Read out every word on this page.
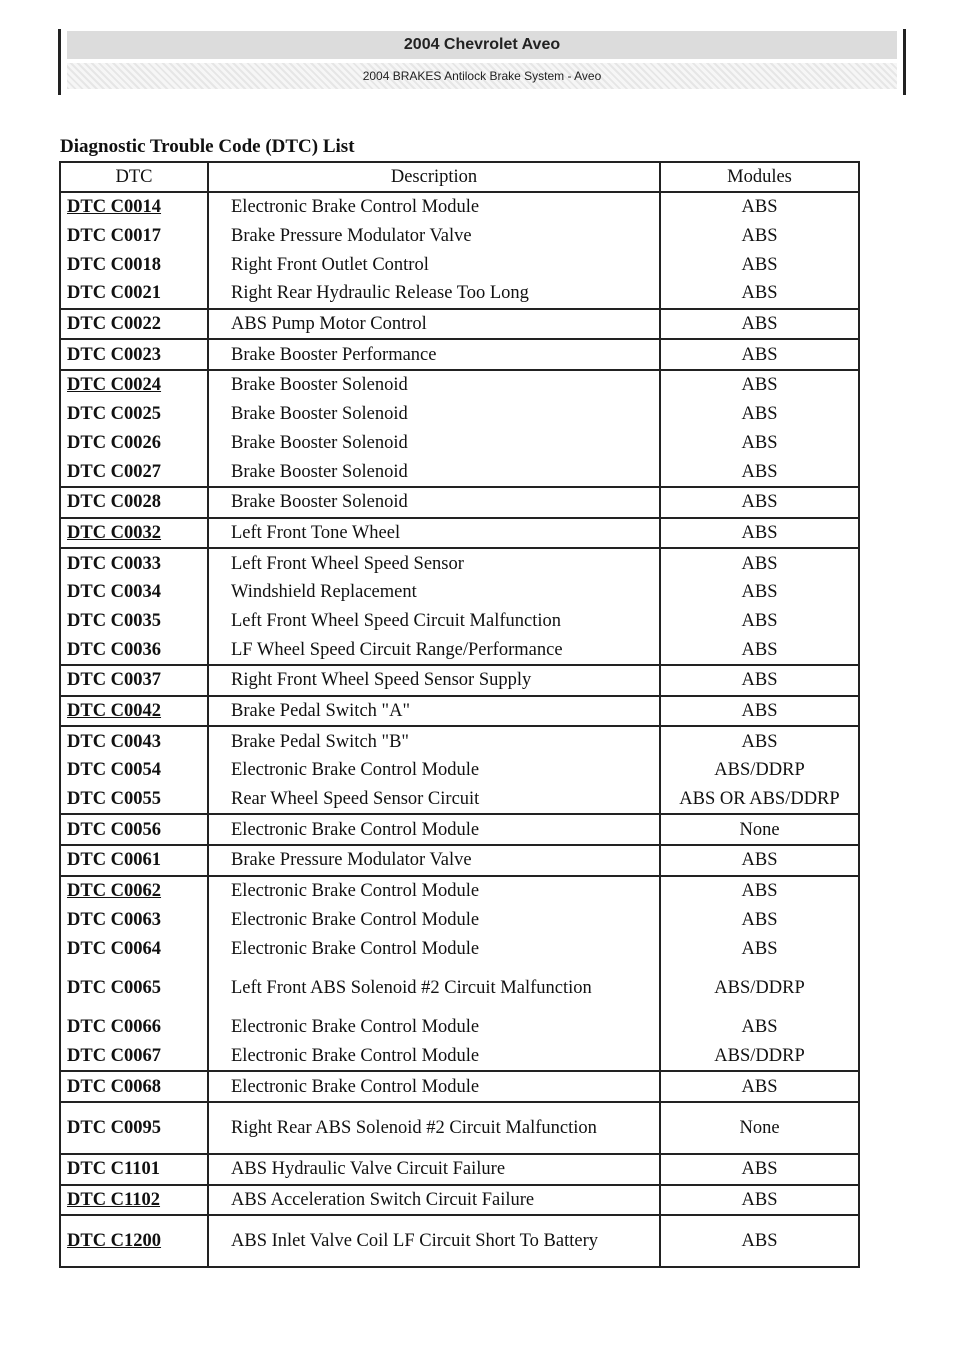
2004 Chevrolet Aveo
2004 BRAKES Antilock Brake System - Aveo
Diagnostic Trouble Code (DTC) List
DTC	Description	Modules
DTC C0014	Electronic Brake Control Module	ABS
DTC C0017	Brake Pressure Modulator Valve	ABS
DTC C0018	Right Front Outlet Control	ABS
DTC C0021	Right Rear Hydraulic Release Too Long	ABS
DTC C0022	ABS Pump Motor Control	ABS
DTC C0023	Brake Booster Performance	ABS
DTC C0024	Brake Booster Solenoid	ABS
DTC C0025	Brake Booster Solenoid	ABS
DTC C0026	Brake Booster Solenoid	ABS
DTC C0027	Brake Booster Solenoid	ABS
DTC C0028	Brake Booster Solenoid	ABS
DTC C0032	Left Front Tone Wheel	ABS
DTC C0033	Left Front Wheel Speed Sensor	ABS
DTC C0034	Windshield Replacement	ABS
DTC C0035	Left Front Wheel Speed Circuit Malfunction	ABS
DTC C0036	LF Wheel Speed Circuit Range/Performance	ABS
DTC C0037	Right Front Wheel Speed Sensor Supply	ABS
DTC C0042	Brake Pedal Switch "A"	ABS
DTC C0043	Brake Pedal Switch "B"	ABS
DTC C0054	Electronic Brake Control Module	ABS/DDRP
DTC C0055	Rear Wheel Speed Sensor Circuit	ABS OR ABS/DDRP
DTC C0056	Electronic Brake Control Module	None
DTC C0061	Brake Pressure Modulator Valve	ABS
DTC C0062	Electronic Brake Control Module	ABS
DTC C0063	Electronic Brake Control Module	ABS
DTC C0064	Electronic Brake Control Module	ABS
DTC C0065	Left Front ABS Solenoid #2 Circuit Malfunction	ABS/DDRP
DTC C0066	Electronic Brake Control Module	ABS
DTC C0067	Electronic Brake Control Module	ABS/DDRP
DTC C0068	Electronic Brake Control Module	ABS
DTC C0095	Right Rear ABS Solenoid #2 Circuit Malfunction	None
DTC C1101	ABS Hydraulic Valve Circuit Failure	ABS
DTC C1102	ABS Acceleration Switch Circuit Failure	ABS
DTC C1200	ABS Inlet Valve Coil LF Circuit Short To Battery	ABS
